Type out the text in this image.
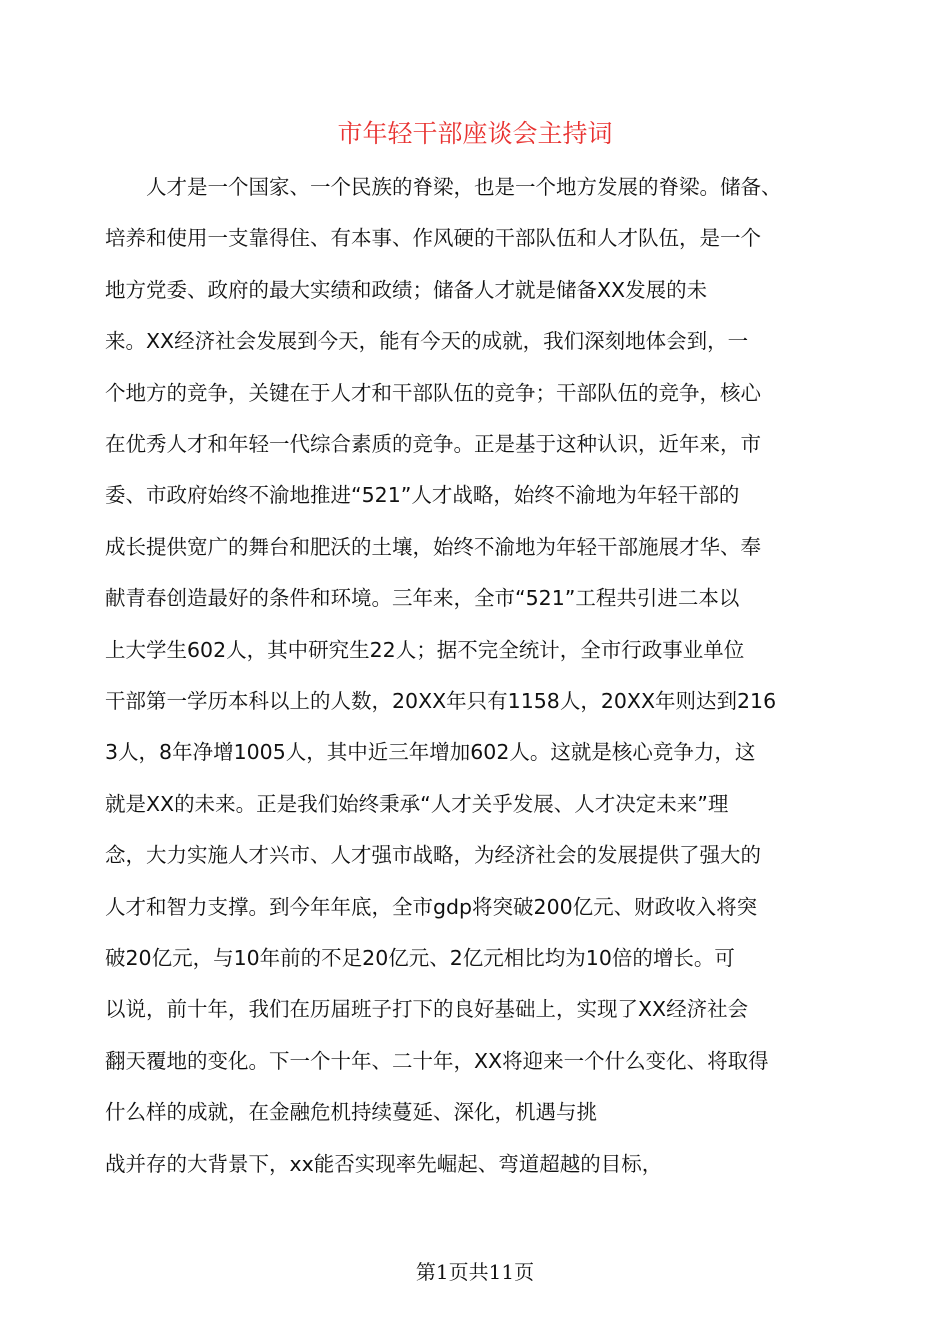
市年轻干部座谈会主持词
　　人才是一个国家、一个民族的脊梁，也是一个地方发展的脊梁。储备、
培养和使用一支靠得住、有本事、作风硬的干部队伍和人才队伍，是一个
地方党委、政府的最大实绩和政绩；储备人才就是储备XX发展的未
来。XX经济社会发展到今天，能有今天的成就，我们深刻地体会到，一
个地方的竞争，关键在于人才和干部队伍的竞争；干部队伍的竞争，核心
在优秀人才和年轻一代综合素质的竞争。正是基于这种认识，近年来，市
委、市政府始终不渝地推进“521”人才战略，始终不渝地为年轻干部的
成长提供宽广的舞台和肥沃的土壤，始终不渝地为年轻干部施展才华、奉
献青春创造最好的条件和环境。三年来，全市“521”工程共引进二本以
上大学生602人，其中研究生22人；据不完全统计，全市行政事业单位
干部第一学历本科以上的人数，20XX年只有1158人，20XX年则达到216
3人，8年净增1005人，其中近三年增加602人。这就是核心竞争力，这
就是XX的未来。正是我们始终秉承“人才关乎发展、人才决定未来”理
念，大力实施人才兴市、人才强市战略，为经济社会的发展提供了强大的
人才和智力支撑。到今年年底，全市gdp将突破200亿元、财政收入将突
破20亿元，与10年前的不足20亿元、2亿元相比均为10倍的增长。可
以说，前十年，我们在历届班子打下的良好基础上，实现了XX经济社会
翻天覆地的变化。下一个十年、二十年，XX将迎来一个什么变化、将取得
什么样的成就，在金融危机持续蔓延、深化，机遇与挑
战并存的大背景下，xx能否实现率先崛起、弯道超越的目标，
第1页共11页
